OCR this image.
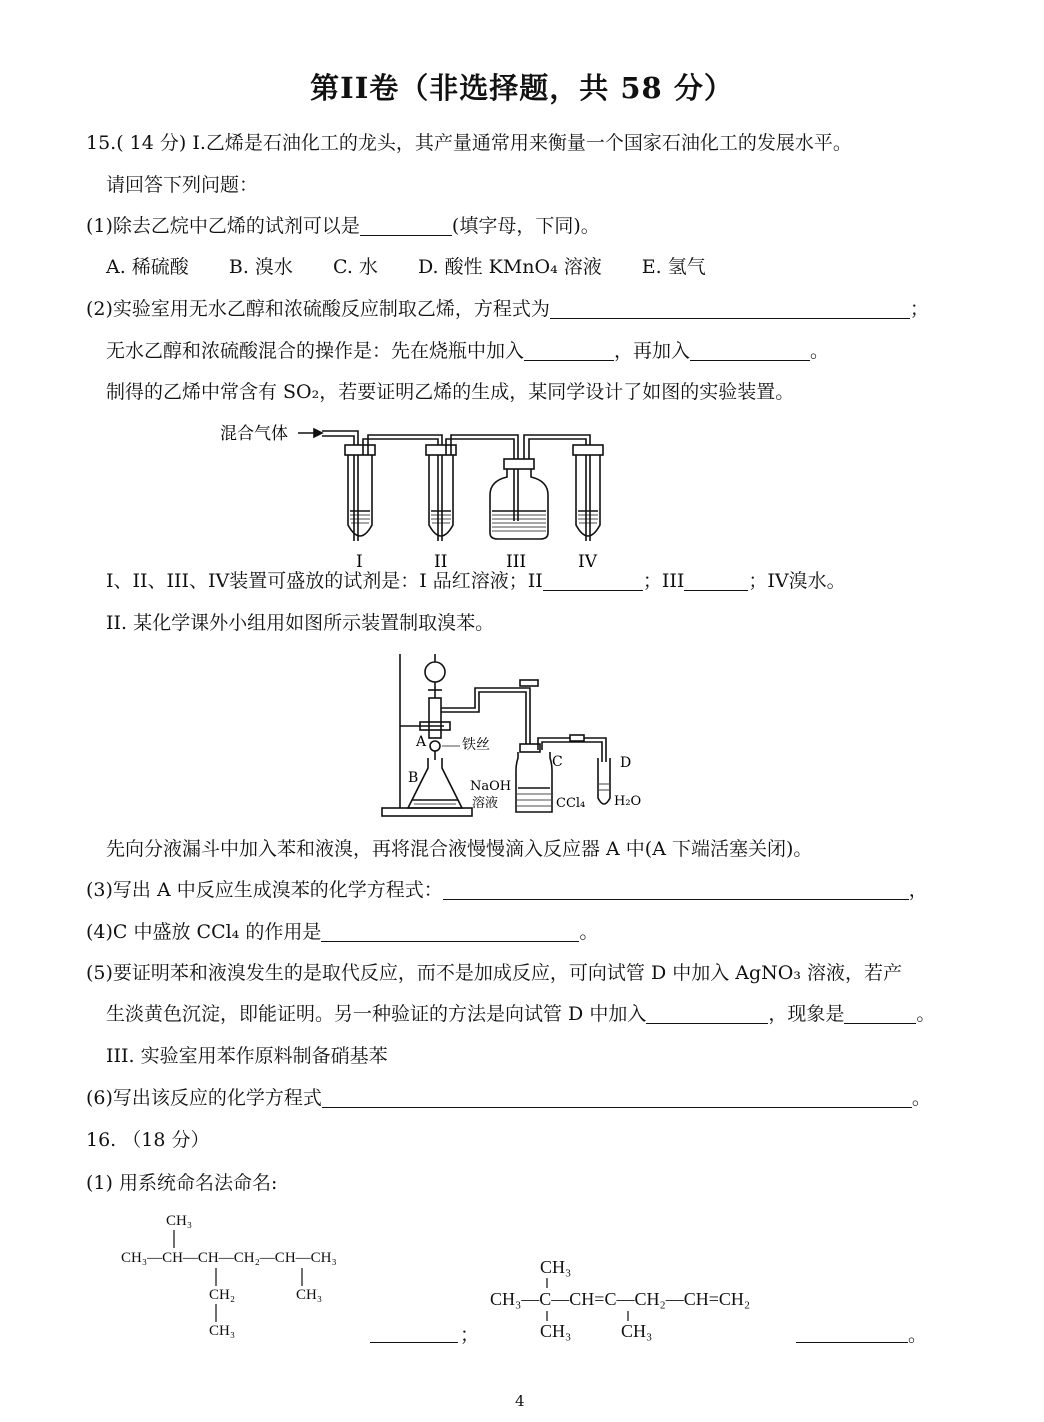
第II卷（非选择题，共 58 分）
15.( 14 分) I.乙烯是石油化工的龙头，其产量通常用来衡量一个国家石油化工的发展水平。
请回答下列问题：
(1)除去乙烷中乙烯的试剂可以是	(填字母，下同)。
A. 稀硫酸 B. 溴水 C. 水 D. 酸性 KMnO₄ 溶液 E. 氢气
(2)实验室用无水乙醇和浓硫酸反应制取乙烯，方程式为	；
无水乙醇和浓硫酸混合的操作是：先在烧瓶中加入	，再加入	。
制得的乙烯中常含有 SO₂，若要证明乙烯的生成，某同学设计了如图的实验装置。
混合气体
I	II	III	IV
I、II、III、IV装置可盛放的试剂是：I 品红溶液；II	；III	；IV溴水。
II. 某化学课外小组用如图所示装置制取溴苯。
A	铁丝
B
NaOH
溶液
C
CCl₄
D
H₂O
先向分液漏斗中加入苯和液溴，再将混合液慢慢滴入反应器 A 中(A 下端活塞关闭)。
(3)写出 A 中反应生成溴苯的化学方程式：	，
(4)C 中盛放 CCl₄ 的作用是	。
(5)要证明苯和液溴发生的是取代反应，而不是加成反应，可向试管 D 中加入 AgNO₃ 溶液，若产
生淡黄色沉淀，即能证明。另一种验证的方法是向试管 D 中加入	，现象是	。
III. 实验室用苯作原料制备硝基苯
(6)写出该反应的化学方程式	。
16. （18 分）
(1) 用系统命名法命名:
CH₃
CH₃—CH—CH—CH₂—CH—CH₃
CH₂
CH₃
CH₃
；
CH₃
CH₃—C—CH=C—CH₂—CH=CH₂
CH₃	CH₃	。
4
